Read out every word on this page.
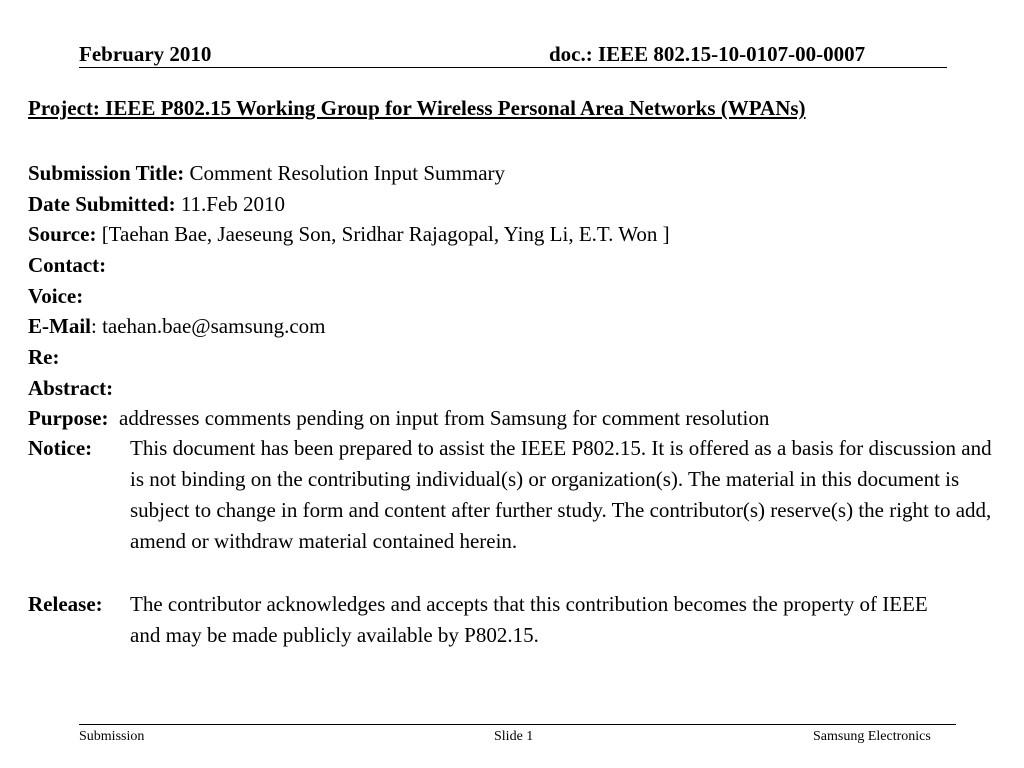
February 2010	doc.: IEEE 802.15-10-0107-00-0007
Project: IEEE P802.15 Working Group for Wireless Personal Area Networks (WPANs)
Submission Title: Comment Resolution Input Summary
Date Submitted: 11.Feb 2010
Source: [Taehan Bae, Jaeseung Son, Sridhar Rajagopal, Ying Li, E.T. Won ]
Contact:
Voice:
E-Mail: taehan.bae@samsung.com
Re:
Abstract:
Purpose:  addresses comments pending on input from Samsung for comment resolution
Notice: This document has been prepared to assist the IEEE P802.15. It is offered as a basis for discussion and is not binding on the contributing individual(s) or organization(s). The material in this document is subject to change in form and content after further study. The contributor(s) reserve(s) the right to add, amend or withdraw material contained herein.
Release: The contributor acknowledges and accepts that this contribution becomes the property of IEEE and may be made publicly available by P802.15.
Submission	Slide 1	Samsung Electronics
